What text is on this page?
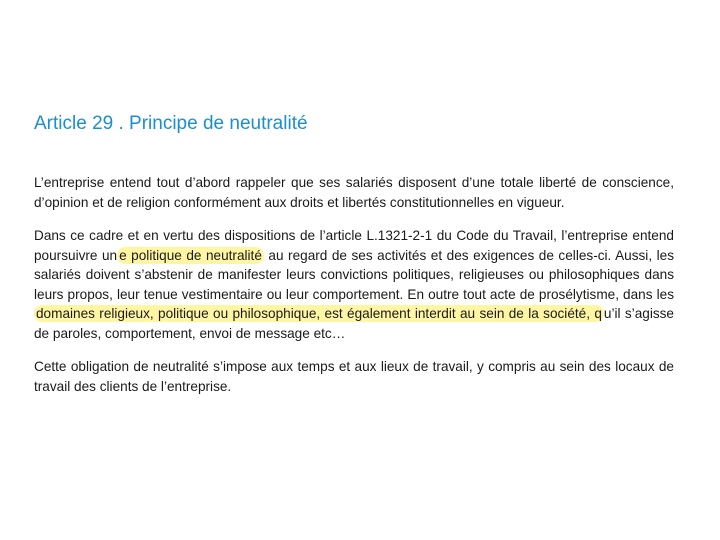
Article 29 . Principe de neutralité

L’entreprise entend tout d’abord rappeler que ses salariés disposent d’une totale liberté de conscience, d’opinion et de religion conformément aux droits et libertés constitutionnelles en vigueur.

Dans ce cadre et en vertu des dispositions de l’article L.1321-2-1 du Code du Travail, l’entreprise entend poursuivre un e politique de neutralité au regard de ses activités et des exigences de celles-ci. Aussi, les salariés doivent s’abstenir de manifester leurs convictions politiques, religieuses ou philosophiques dans leurs propos, leur tenue vestimentaire ou leur comportement. En outre tout acte de prosélytisme, dans les domaines religieux, politique ou philosophique, est également interdit au sein de la société, q u’il s’agisse de paroles, comportement, envoi de message etc…

Cette obligation de neutralité s’impose aux temps et aux lieux de travail, y compris au sein des locaux de travail des clients de l’entreprise.
